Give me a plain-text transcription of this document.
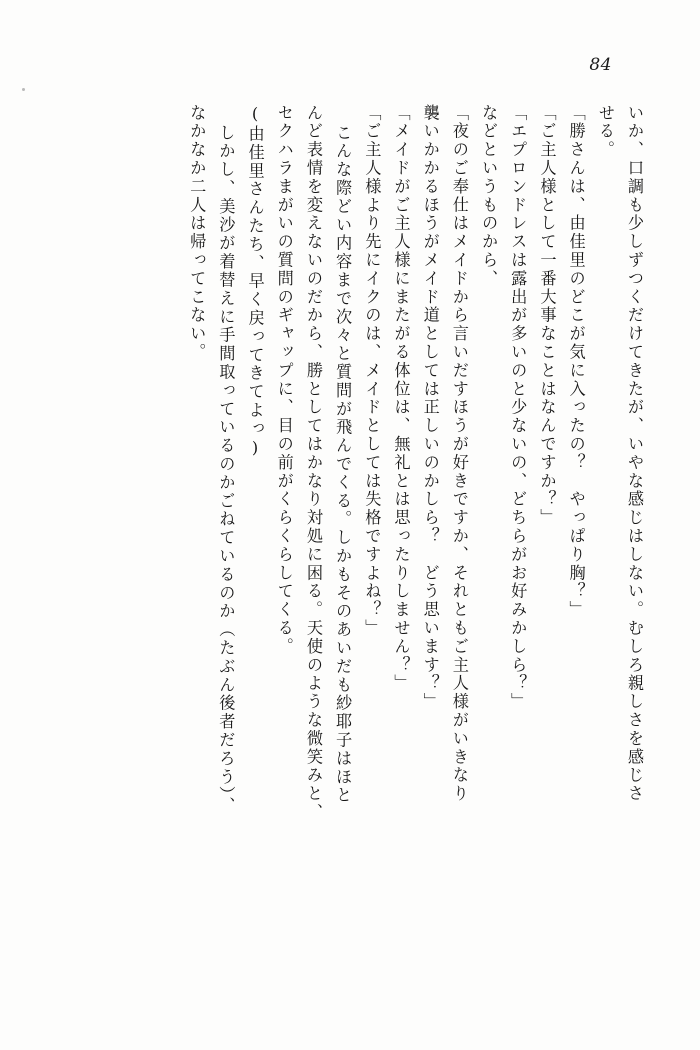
84
いか、口調も少しずつくだけてきたが、いやな感じはしない。むしろ親しさを感じさ
せる。
「勝さんは、由佳里のどこが気に入ったの？　やっぱり胸？」
「ご主人様として一番大事なことはなんですか？」
「エプロンドレスは露出が多いのと少ないの、どちらがお好みかしら？」
などというものから、
「夜のご奉仕はメイドから言いだすほうが好きですか、それともご主人様がいきなり
襲いかかるほうがメイド道としては正しいのかしら？　どう思います？」
「メイドがご主人様にまたがる体位は、無礼とは思ったりしません？」
「ご主人様より先にイクのは、メイドとしては失格ですよね？」
こんな際どい内容まで次々と質問が飛んでくる。しかもそのあいだも紗耶子はほと
んど表情を変えないのだから、勝としてはかなり対処に困る。天使のような微笑みと、
セクハラまがいの質問のギャップに、目の前がくらくらしてくる。
(由佳里さんたち、早く戻ってきてよっ)
しかし、美沙が着替えに手間取っているのかごねているのか（たぶん後者だろう）、
なかなか二人は帰ってこない。
